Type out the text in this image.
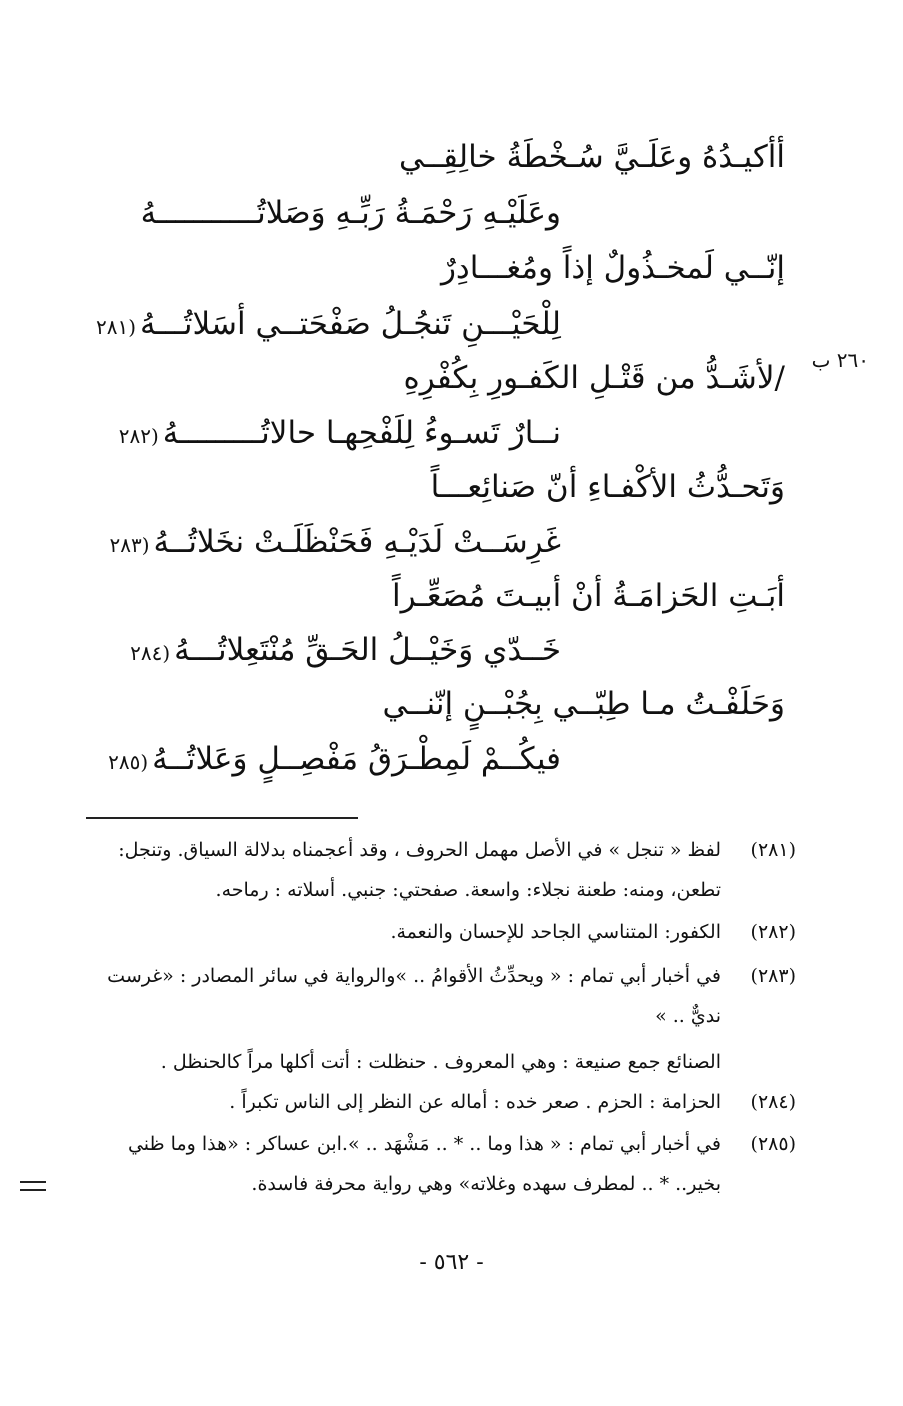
أأكيـدُهُ وعَلَـيَّ سُـخْطَةُ خالِقِــي
وعَلَيْـهِ رَحْمَـةُ رَبِّـهِ وَصَلاتُـــــــــــهُ
إنّــي لَمخـذُولٌ إذاً ومُغـــادِرٌ
لِلْحَيْـــنِ تَنجُـلُ صَفْحَتــي أسَلاتُـــهُ(٢٨١
/لأشَـدُّ من قَتْـلِ الكَفـورِ بِكُفْرِهِ
نــارٌ تَسـوءُ لِلَفْحِهـا حالاتُـــــــــهُ(٢٨٢
وَتَحـدُّثُ الأكْفـاءِ أنّ صَنائِعـــاً
غَرِسَــتْ لَدَيْـهِ فَحَنْظَلَـتْ نخَلاتُــهُ(٢٨٣
أبَـتِ الحَزامَـةُ أنْ أبيـتَ مُصَعِّـراً
خَــدّي وَخَيْــلُ الحَـقِّ مُنْتَعِلاتُـــهُ(٢٨٤
وَحَلَفْـتُ مـا طِبّــي بِجُبْــنٍ إنّنــي
فيكُــمْ لَمِطْـرَقُ مَفْصِــلٍ وَعَلاتُــهُ(٢٨٥
٢٦٠ ب
(٢٨١)
لفظ « تنجل » في الأصل مهمل الحروف ، وقد أعجمناه بدلالة السياق. وتنجل:
تطعن، ومنه: طعنة نجلاء: واسعة. صفحتي: جنبي. أسلاته : رماحه.
(٢٨٢)
الكفور: المتناسي الجاحد للإحسان والنعمة.
(٢٨٣)
في أخبار أبي تمام : « ويحدِّثُ الأقوامُ .. »والرواية في سائر المصادر : «غرست
نديٌّ .. »
الصنائع جمع صنيعة : وهي المعروف . حنظلت : أتت أكلها مراً كالحنظل .
(٢٨٤)
الحزامة : الحزم . صعر خده : أماله عن النظر إلى الناس تكبراً .
(٢٨٥)
في أخبار أبي تمام : « هذا وما .. * .. مَشْهَد .. ».ابن عساكر : «هذا وما ظني
بخير.. * .. لمطرف سهده وغلاته» وهي رواية محرفة فاسدة.
- ٥٦٢ -
